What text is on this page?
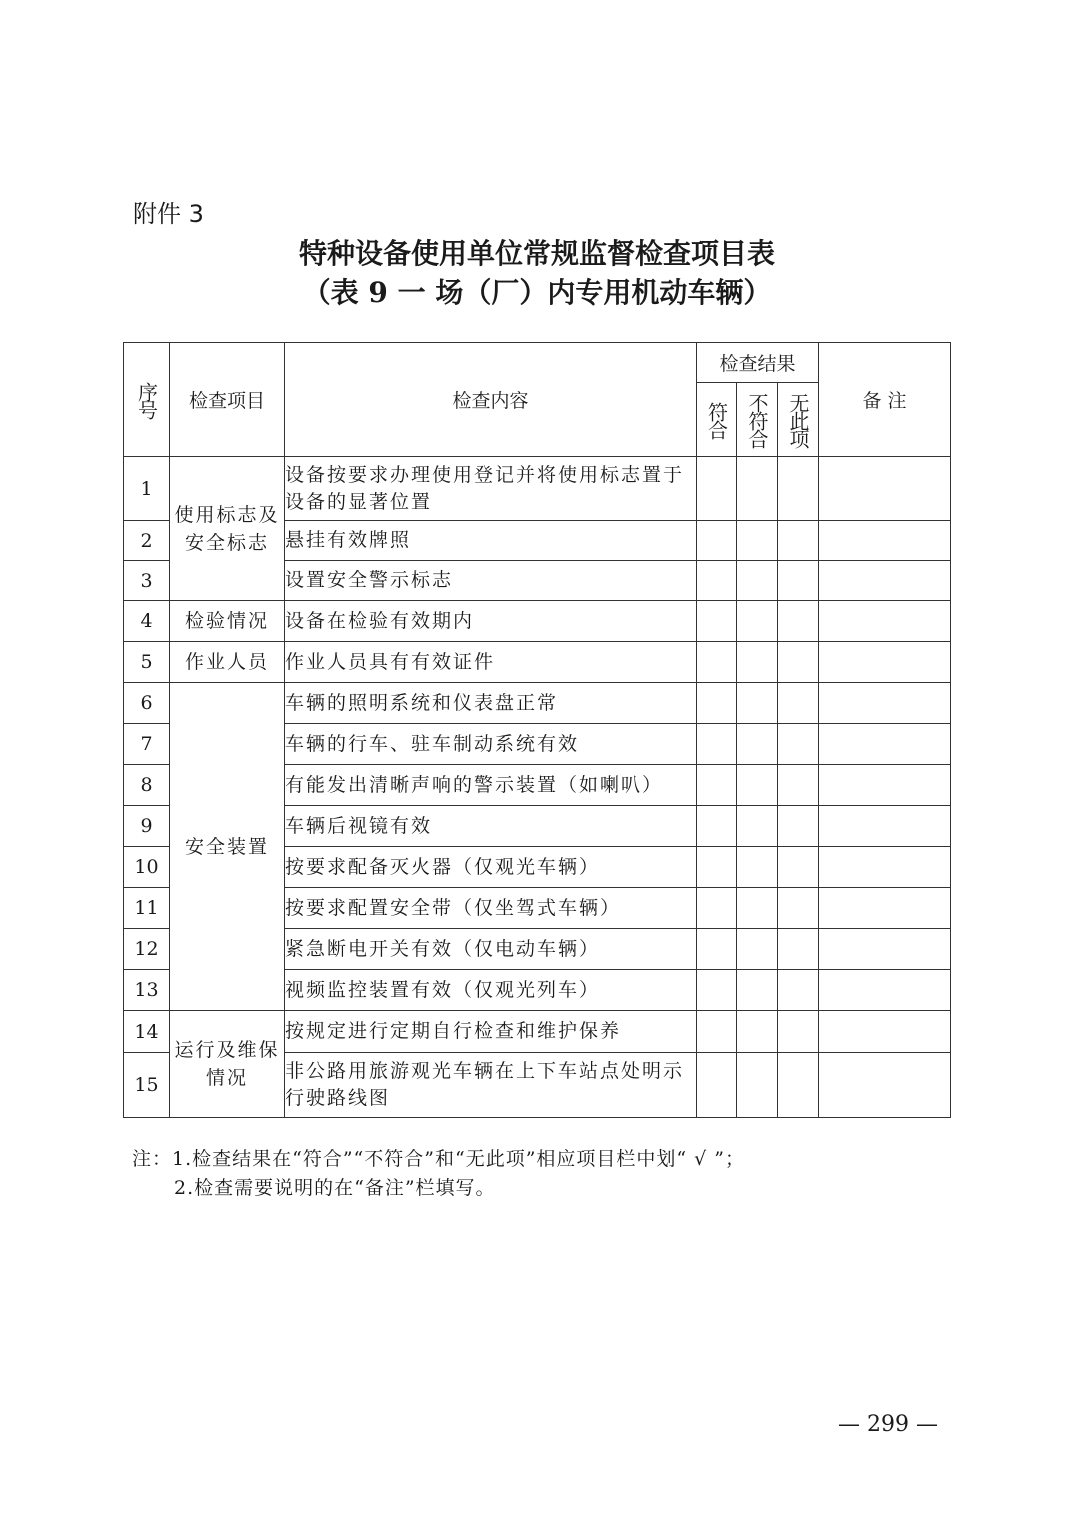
附件 3
特种设备使用单位常规监督检查项目表
（表 9 一 场（厂）内专用机动车辆）
序号	检查项目	检查内容	检查结果			备 注

			符合	不符合	无此项	

1	使用标志及安全标志	设备按要求办理使用登记并将使用标志置于设备的显著位置				
2		悬挂有效牌照				
3		设置安全警示标志				
4	检验情况	设备在检验有效期内				
5	作业人员	作业人员具有有效证件				
6	安全装置	车辆的照明系统和仪表盘正常				
7		车辆的行车、驻车制动系统有效				
8		有能发出清晰声响的警示装置（如喇叭）				
9		车辆后视镜有效				
10		按要求配备灭火器（仅观光车辆）				
11		按要求配置安全带（仅坐驾式车辆）				
12		紧急断电开关有效（仅电动车辆）				
13		视频监控装置有效（仅观光列车）				
14	运行及维保情况	按规定进行定期自行检查和维护保养				
15		非公路用旅游观光车辆在上下车站点处明示行驶路线图				
注：1.检查结果在“符合”“不符合”和“无此项”相应项目栏中划“ √ ”；
2.检查需要说明的在“备注”栏填写。
— 299 —
